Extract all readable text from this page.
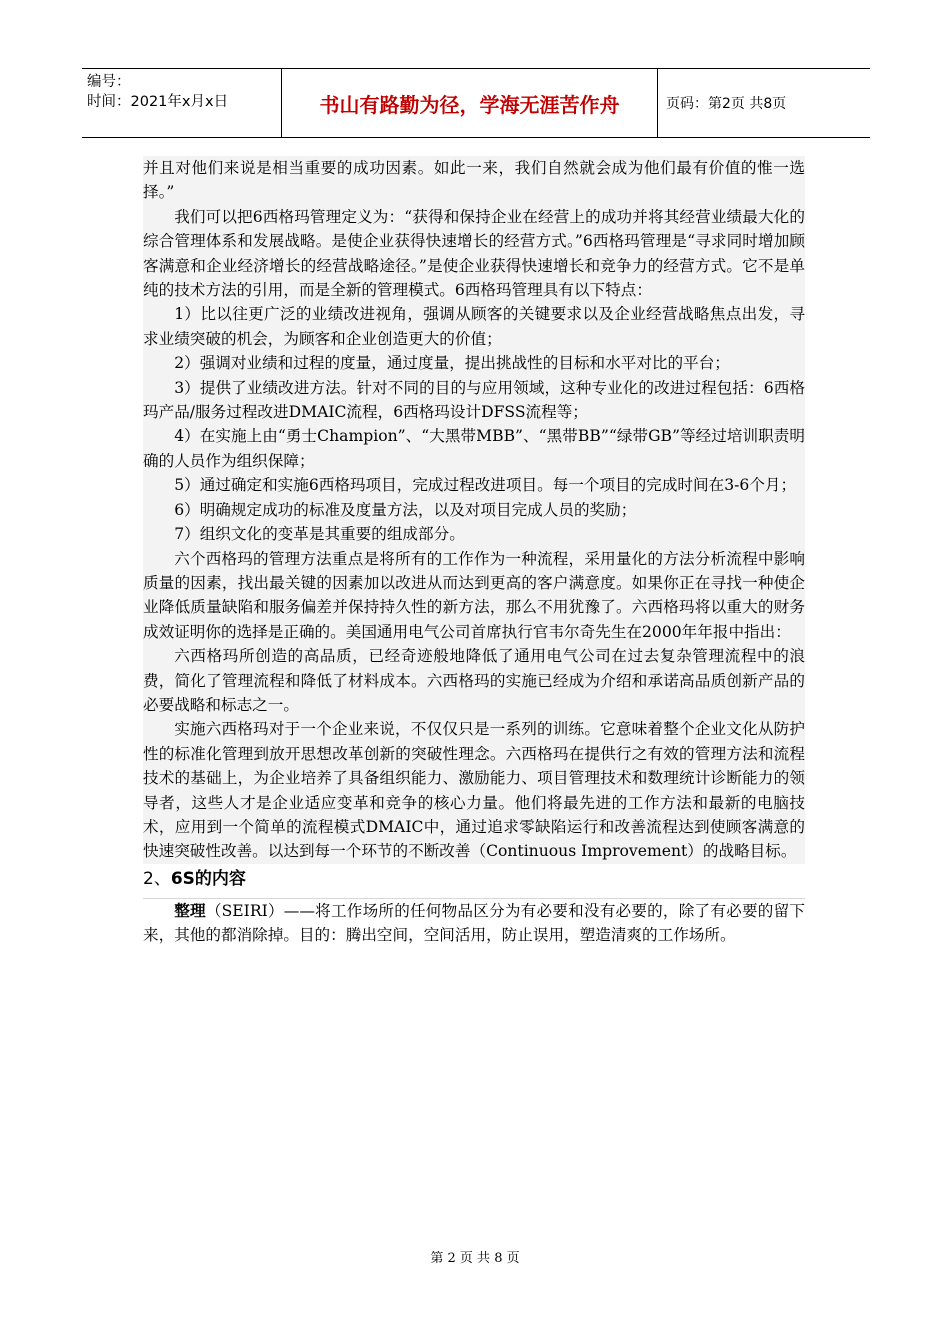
编号：
时间：2021年x月x日	书山有路勤为径，学海无涯苦作舟	页码：第2页 共8页

并且对他们来说是相当重要的成功因素。如此一来，我们自然就会成为他们最有价值的惟一选择。”

我们可以把6西格玛管理定义为：“获得和保持企业在经营上的成功并将其经营业绩最大化的综合管理体系和发展战略。是使企业获得快速增长的经营方式。”6西格玛管理是“寻求同时增加顾客满意和企业经济增长的经营战略途径。”是使企业获得快速增长和竞争力的经营方式。它不是单纯的技术方法的引用，而是全新的管理模式。6西格玛管理具有以下特点：

1）比以往更广泛的业绩改进视角，强调从顾客的关键要求以及企业经营战略焦点出发，寻求业绩突破的机会，为顾客和企业创造更大的价值；

2）强调对业绩和过程的度量，通过度量，提出挑战性的目标和水平对比的平台；

3）提供了业绩改进方法。针对不同的目的与应用领域，这种专业化的改进过程包括：6西格玛产品/服务过程改进DMAIC流程，6西格玛设计DFSS流程等；

4）在实施上由“勇士Champion”、“大黑带MBB”、“黑带BB”“绿带GB”等经过培训职责明确的人员作为组织保障；

5）通过确定和实施6西格玛项目，完成过程改进项目。每一个项目的完成时间在3-6个月；

6）明确规定成功的标准及度量方法，以及对项目完成人员的奖励；

7）组织文化的变革是其重要的组成部分。

六个西格玛的管理方法重点是将所有的工作作为一种流程，采用量化的方法分析流程中影响质量的因素，找出最关键的因素加以改进从而达到更高的客户满意度。如果你正在寻找一种使企业降低质量缺陷和服务偏差并保持持久性的新方法，那么不用犹豫了。六西格玛将以重大的财务成效证明你的选择是正确的。美国通用电气公司首席执行官韦尔奇先生在2000年年报中指出：

六西格玛所创造的高品质，已经奇迹般地降低了通用电气公司在过去复杂管理流程中的浪费，简化了管理流程和降低了材料成本。六西格玛的实施已经成为介绍和承诺高品质创新产品的必要战略和标志之一。

实施六西格玛对于一个企业来说，不仅仅只是一系列的训练。它意味着整个企业文化从防护性的标准化管理到放开思想改革创新的突破性理念。六西格玛在提供行之有效的管理方法和流程技术的基础上，为企业培养了具备组织能力、激励能力、项目管理技术和数理统计诊断能力的领导者，这些人才是企业适应变革和竞争的核心力量。他们将最先进的工作方法和最新的电脑技术，应用到一个简单的流程模式DMAIC中，通过追求零缺陷运行和改善流程达到使顾客满意的快速突破性改善。以达到每一个环节的不断改善（Continuous Improvement）的战略目标。

2、6S的内容

整理（SEIRI）——将工作场所的任何物品区分为有必要和没有必要的，除了有必要的留下来，其他的都消除掉。目的：腾出空间，空间活用，防止误用，塑造清爽的工作场所。

第 2 页 共 8 页
